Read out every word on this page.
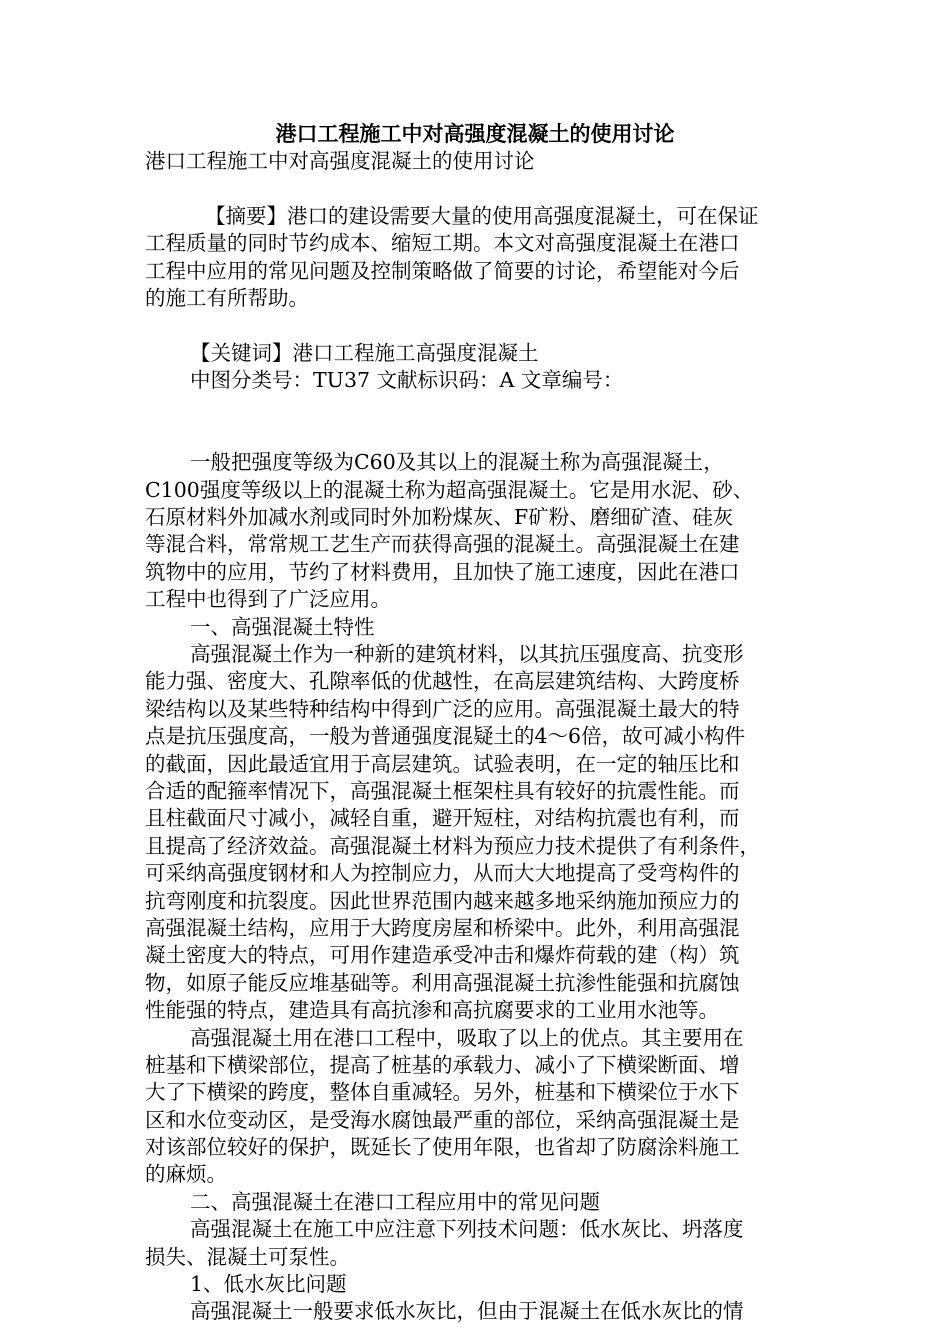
港口工程施工中对高强度混凝土的使用讨论

港口工程施工中对高强度混凝土的使用讨论

【摘要】港口的建设需要大量的使用高强度混凝土，可在保证

工程质量的同时节约成本、缩短工期。本文对高强度混凝土在港口

工程中应用的常见问题及控制策略做了简要的讨论，希望能对今后

的施工有所帮助。

【关键词】港口工程施工高强度混凝土

中图分类号：TU37 文献标识码：A 文章编号：

一般把强度等级为C60及其以上的混凝土称为高强混凝土，

C100强度等级以上的混凝土称为超高强混凝土。它是用水泥、砂、

石原材料外加减水剂或同时外加粉煤灰、F矿粉、磨细矿渣、硅灰

等混合料，常常规工艺生产而获得高强的混凝土。高强混凝土在建

筑物中的应用，节约了材料费用，且加快了施工速度，因此在港口

工程中也得到了广泛应用。

一、高强混凝土特性

高强混凝土作为一种新的建筑材料，以其抗压强度高、抗变形

能力强、密度大、孔隙率低的优越性，在高层建筑结构、大跨度桥

梁结构以及某些特种结构中得到广泛的应用。高强混凝土最大的特

点是抗压强度高，一般为普通强度混疑土的4～6倍，故可减小构件

的截面，因此最适宜用于高层建筑。试验表明，在一定的轴压比和

合适的配箍率情况下，高强混凝土框架柱具有较好的抗震性能。而

且柱截面尺寸减小，减轻自重，避开短柱，对结构抗震也有利，而

且提高了经济效益。高强混凝土材料为预应力技术提供了有利条件，

可采纳高强度钢材和人为控制应力，从而大大地提高了受弯构件的

抗弯刚度和抗裂度。因此世界范围内越来越多地采纳施加预应力的

高强混凝土结构，应用于大跨度房屋和桥梁中。此外，利用高强混

凝土密度大的特点，可用作建造承受冲击和爆炸荷载的建（构）筑

物，如原子能反应堆基础等。利用高强混凝土抗渗性能强和抗腐蚀

性能强的特点，建造具有高抗渗和高抗腐要求的工业用水池等。

高强混凝土用在港口工程中，吸取了以上的优点。其主要用在

桩基和下横梁部位，提高了桩基的承载力、减小了下横梁断面、增

大了下横梁的跨度，整体自重减轻。另外，桩基和下横梁位于水下

区和水位变动区，是受海水腐蚀最严重的部位，采纳高强混凝土是

对该部位较好的保护，既延长了使用年限，也省却了防腐涂料施工

的麻烦。

二、高强混凝土在港口工程应用中的常见问题

高强混凝土在施工中应注意下列技术问题：低水灰比、坍落度

损失、混凝土可泵性。

1、低水灰比问题

高强混凝土一般要求低水灰比，但由于混凝土在低水灰比的情
